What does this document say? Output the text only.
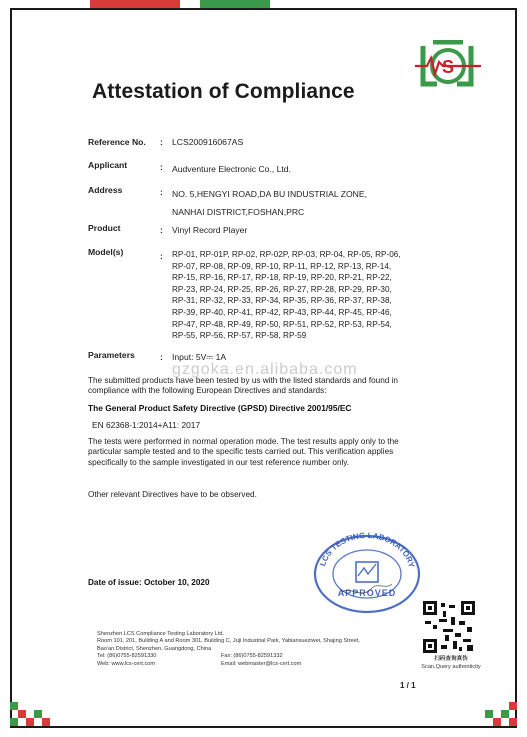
S
Attestation of Compliance
Reference No. : LCS200916067AS
Applicant	: Audventure Electronic Co., Ltd.
Address	: NO. 5,HENGYI ROAD,DA BU INDUSTRIAL ZONE,
NANHAI DISTRICT,FOSHAN,PRC
Product	: Vinyl Record Player
Model(s)	: RP-01, RP-01P, RP-02, RP-02P, RP-03, RP-04, RP-05, RP-06,
RP-07, RP-08, RP-09, RP-10, RP-11, RP-12, RP-13, RP-14,
RP-15, RP-16, RP-17, RP-18, RP-19, RP-20, RP-21, RP-22,
RP-23, RP-24, RP-25, RP-26, RP-27, RP-28, RP-29, RP-30,
RP-31, RP-32, RP-33, RP-34, RP-35, RP-36, RP-37, RP-38,
RP-39, RP-40, RP-41, RP-42, RP-43, RP-44, RP-45, RP-46,
RP-47, RP-48, RP-49, RP-50, RP-51, RP-52, RP-53, RP-54,
RP-55, RP-56, RP-57, RP-58, RP-59
Parameters	: Input: 5V⎓ 1A
gzgoka.en.alibaba.com
The submitted products have been tested by us with the listed standards and found in
compliance with the following European Directives and standards:
The General Product Safety Directive (GPSD) Directive 2001/95/EC
EN 62368-1:2014+A11: 2017
The tests were performed in normal operation mode. The test results apply only to the
particular sample tested and to the specific tests carried out. This verification applies
specifically to the sample investigated in our test reference number only.
Other relevant Directives have to be observed.
LCS TESTING LABORATORY
APPROVED
Date of issue: October 10, 2020
Shenzhen LCS Compliance Testing Laboratory Ltd.
Room 101, 201, Building A and Room 301, Building C, Juji Industrial Park, Yabianxueziwei, Shajing Street,
Bao'an District, Shenzhen, Guangdong, China
Tel: (86)0755-82591330	Fax: (86)0755-82591332
Web: www.lcs-cert.com	Email: webmaster@lcs-cert.com
扫码查询真伪
Scan,Query authenticity
1 / 1
